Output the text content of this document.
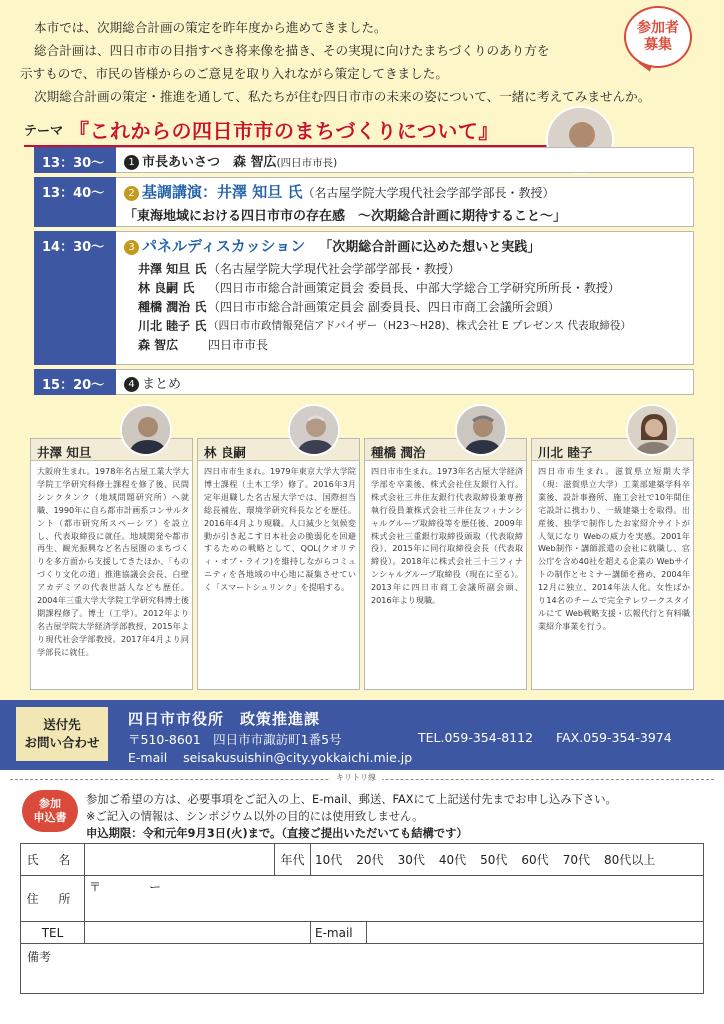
本市では、次期総合計画の策定を昨年度から進めてきました。

総合計画は、四日市市の目指すべき将来像を描き、その実現に向けたまちづくりのあり方を

示すもので、市民の皆様からのご意見を取り入れながら策定してきました。

次期総合計画の策定・推進を通して、私たちが住む四日市市の未来の姿について、一緒に考えてみませんか。

参加者
募集
テーマ 『これからの四日市市のまちづくりについて』
13：30〜	1 市長あいさつ　森 智広(四日市市長)
13：40〜	2 基調講演：井澤 知旦 氏（名古屋学院大学現代社会学部学部長・教授）
「東海地域における四日市市の存在感　〜次期総合計画に期待すること〜」
14：30〜	3 パネルディスカッション 「次期総合計画に込めた想いと実践」
井澤 知旦 氏 （名古屋学院大学現代社会学部学部長・教授）
林 良嗣 氏	（四日市市総合計画策定員会 委員長、中部大学総合工学研究所所長・教授）
種橋 潤治 氏 （四日市市総合計画策定員会 副委員長、四日市商工会議所会頭）
川北 睦子 氏 （四日市市政情報発信アドバイザー（H23〜H28)、株式会社 E プレゼンス 代表取締役）
森 智広	四日市市長
15：20〜	4 まとめ
井澤 知旦
大阪府生まれ。1978年名古屋工業大学大学院工学研究科修士課程を修了後、民間シンクタンク（地域問題研究所）へ就職、1990年に自ら都市計画系コンサルタント（都市研究所スペーシア）を設立し、代表取締役に就任。地域開発や都市再生、観光振興など名古屋圏のまちづくりを多方面から支援してきたほか、「ものづくり文化の道」推進協議会会長、白壁アカデミアの代表世話人なども歴任。2004年三重大学大学院工学研究科博士後期課程修了。博士（工学）。2012年より名古屋学院大学経済学部教授、2015年より現代社会学部教授。2017年4月より同学部長に就任。
林 良嗣
四日市市生まれ。1979年東京大学大学院博士課程（土木工学）修了。2016年3月定年退職した名古屋大学では、国際担当総長補佐、環境学研究科長などを歴任。2016年4月より現職。人口減少と気候変動が引き起こす日本社会の脆弱化を回避するための戦略として、QOL(クオリティ・オブ・ライフ)を維持しながらコミュニティを各地域の中心地に凝集させていく「スマートシュリンク」を提唱する。
種橋 潤治
四日市市生まれ。1973年名古屋大学経済学部を卒業後、株式会社住友銀行入行。株式会社三井住友銀行代表取締役兼専務執行役員兼株式会社三井住友フィナンシャルグループ取締役等を歴任後、2009年株式会社三重銀行取締役頭取（代表取締役）、2015年に同行取締役会長（代表取締役）。2018年に株式会社三十三フィナンシャルグループ取締役（現在に至る）。2013年に四日市商工会議所副会頭、2016年より現職。
川北 睦子
四日市市生まれ。滋賀県立短期大学（現：滋賀県立大学）工業部建築学科卒業後、設計事務所、施工会社で10年間住宅設計に携わり、一級建築士を取得。出産後、独学で制作したお家紹介サイトが人気になり Webの威力を実感。2001年 Web制作・講師派遣の会社に就職し、官公庁を含め40社を超える企業の Webサイトの制作とセミナー講師を務め、2004年12月に独立、2014年法人化。女性ばかり14名のチームで完全テレワークスタイルにて Web戦略支援・広報代行と有料職業紹介事業を行う。
送付先
お問い合わせ
四日市市役所　政策推進課
〒510-8601　四日市市諏訪町1番5号	TEL.059-354-8112 FAX.059-354-3974
E-mail seisakusuishin@city.yokkaichi.mie.jp
キリトリ線
参加
申込書

参加ご希望の方は、必要事項をご記入の上、E-mail、郵送、FAXにて上記送付先までお申し込み下さい。

※ご記入の情報は、シンポジウム以外の目的には使用致しません。

申込期限：令和元年9月3日(火)まで。（直接ご提出いただいても結構です）

氏 名		年代	10代 20代 30代 40代 50代 60代 70代 80代以上	
住 所	〒　　　　ー			
TEL			E-mail	
備考				
